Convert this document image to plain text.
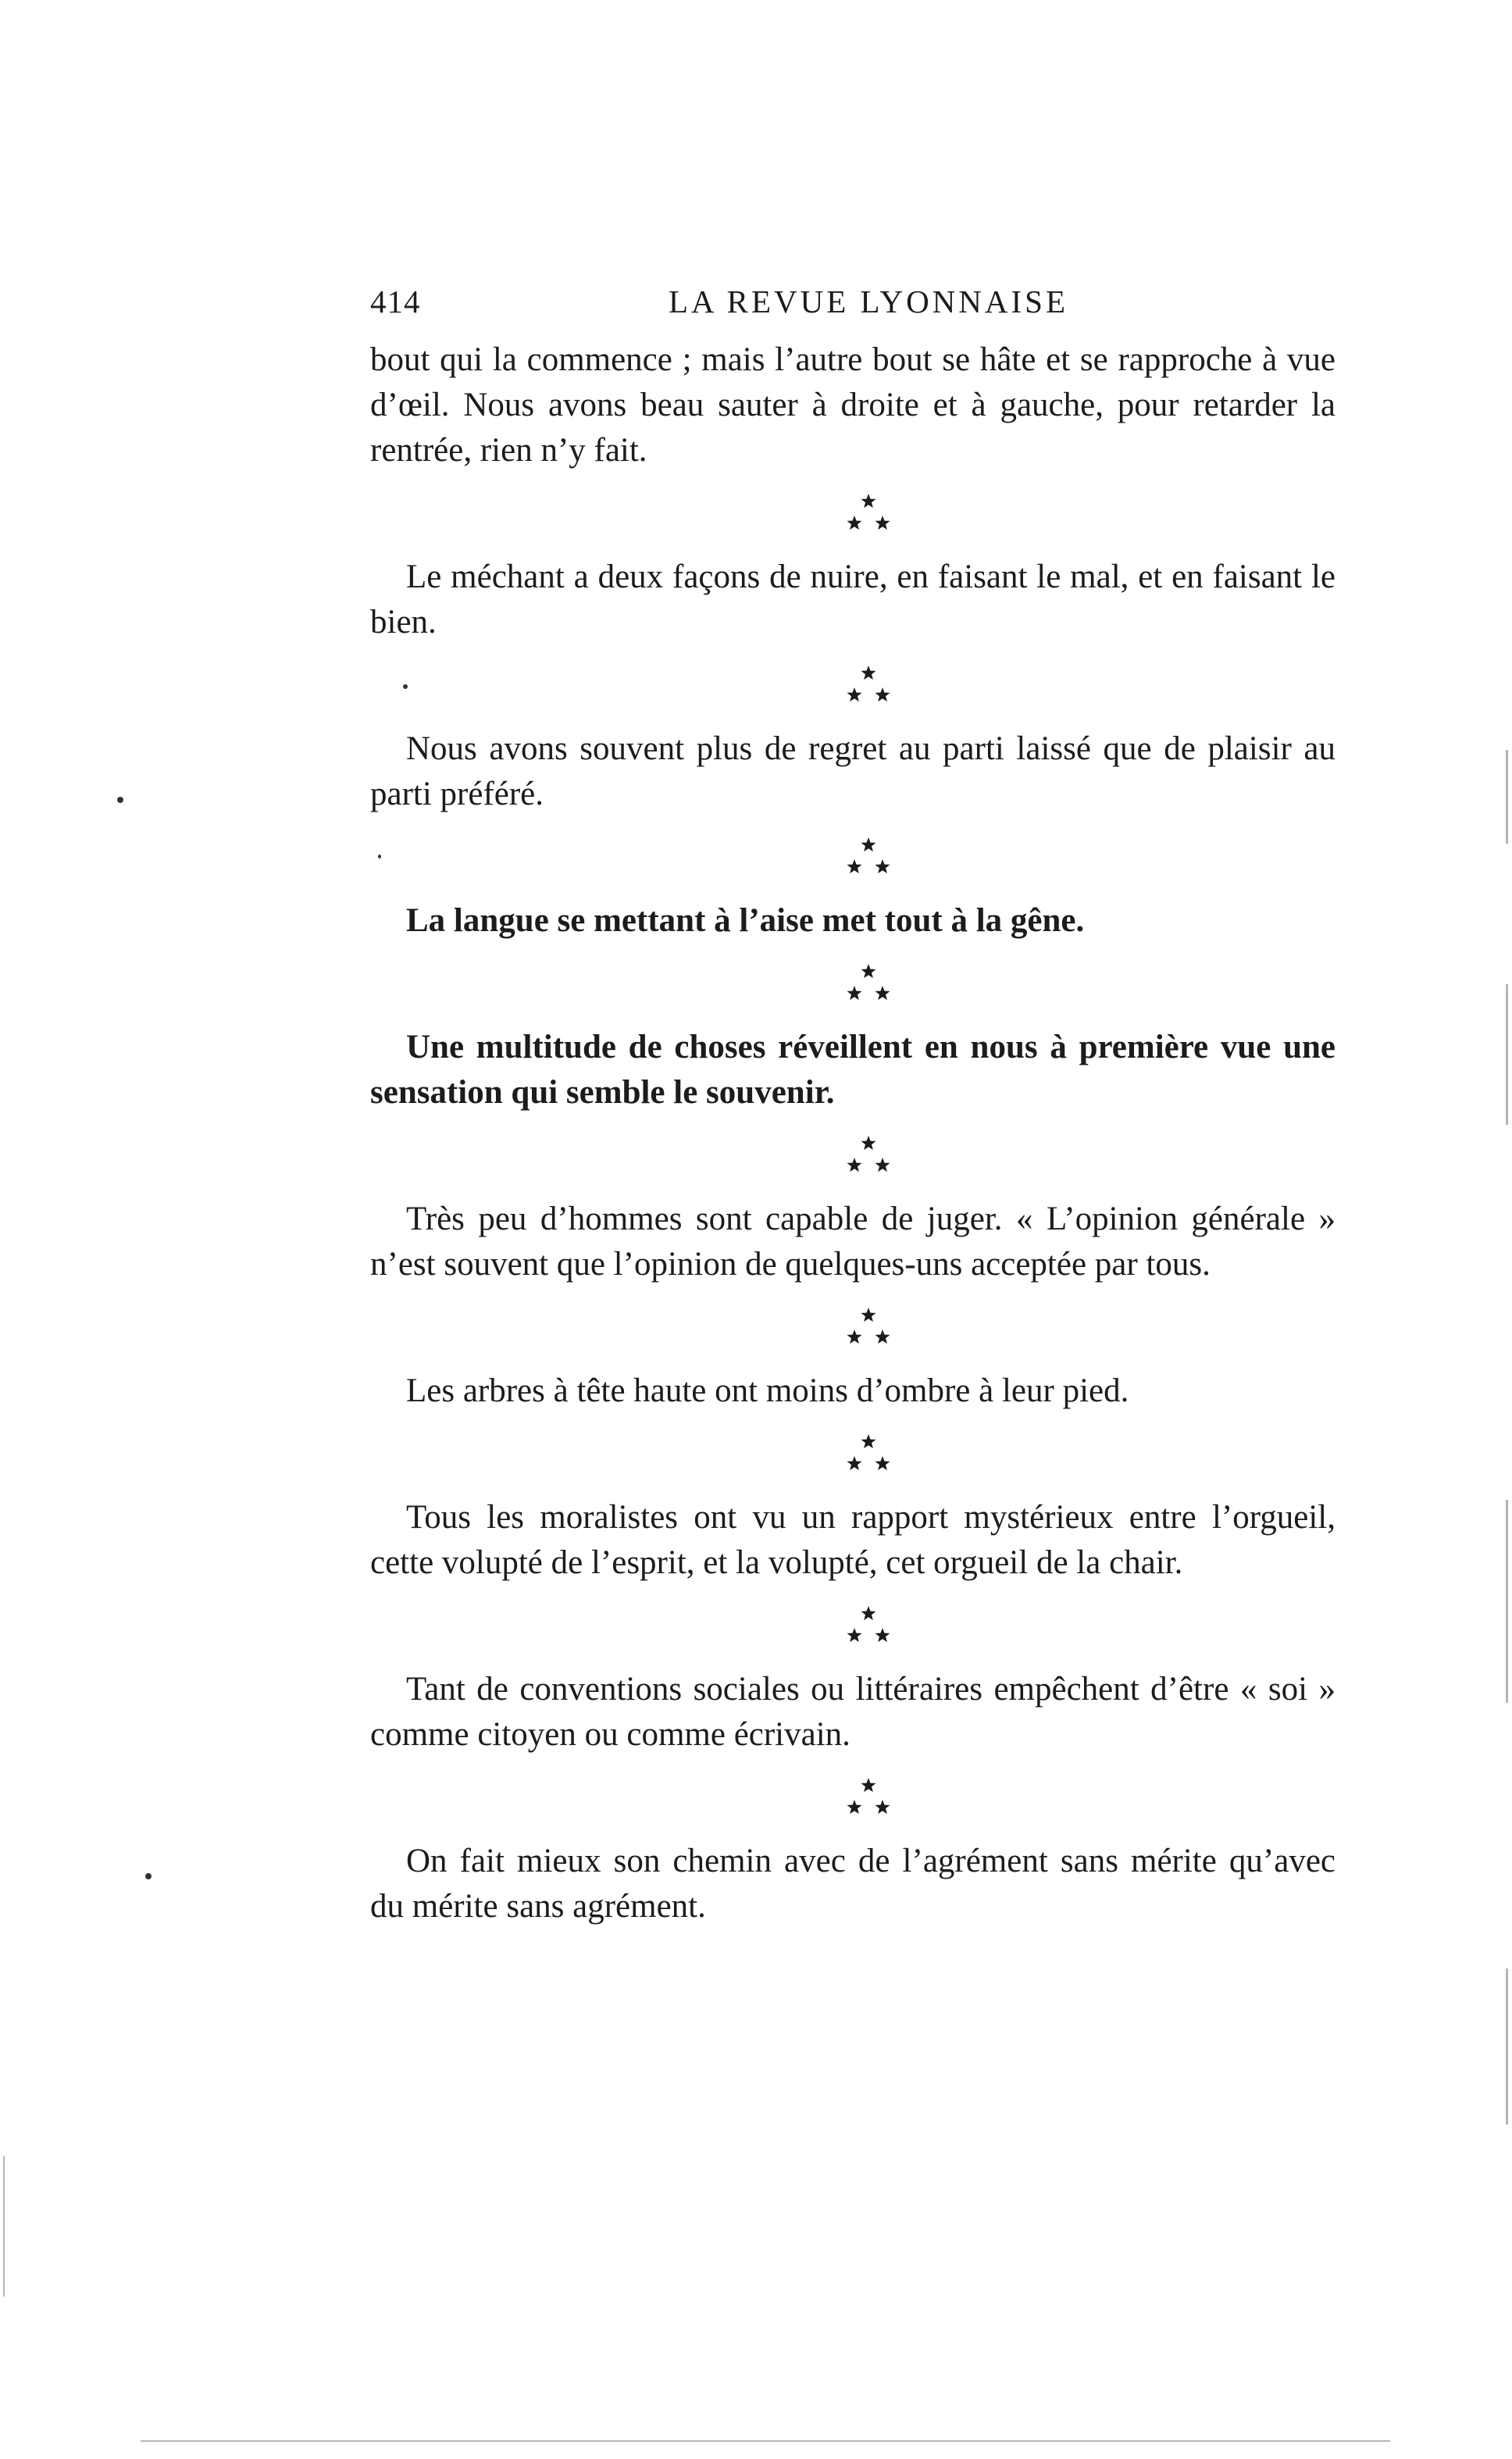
414	LA REVUE LYONNAISE

bout qui la commence ; mais l’autre bout se hâte et se rapproche à vue d’œil. Nous avons beau sauter à droite et à gauche, pour retarder la rentrée, rien n’y fait.

Le méchant a deux façons de nuire, en faisant le mal, et en faisant le bien.

Nous avons souvent plus de regret au parti laissé que de plaisir au parti préféré.

La langue se mettant à l’aise met tout à la gêne.

Une multitude de choses réveillent en nous à première vue une sensation qui semble le souvenir.

Très peu d’hommes sont capable de juger. « L’opinion générale » n’est souvent que l’opinion de quelques-uns acceptée par tous.

Les arbres à tête haute ont moins d’ombre à leur pied.

Tous les moralistes ont vu un rapport mystérieux entre l’orgueil, cette volupté de l’esprit, et la volupté, cet orgueil de la chair.

Tant de conventions sociales ou littéraires empêchent d’être « soi » comme citoyen ou comme écrivain.

On fait mieux son chemin avec de l’agrément sans mérite qu’avec du mérite sans agrément.
